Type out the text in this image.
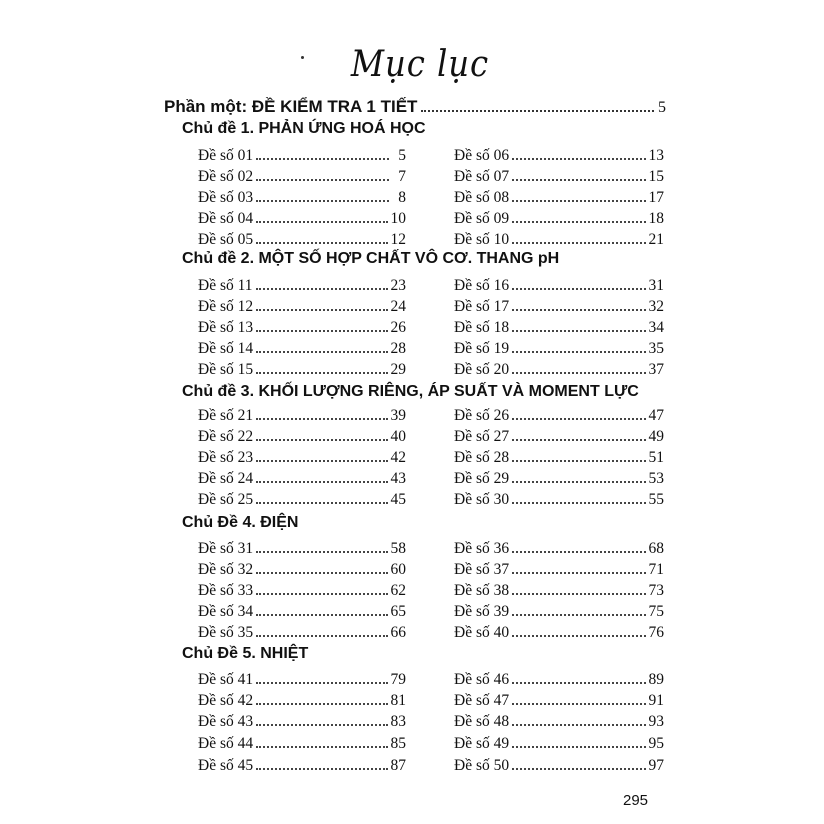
Mục lục
Phần một: ĐỀ KIỂM TRA 1 TIẾT	5
Chủ đề 1. PHẢN ỨNG HOÁ HỌC
Đề số 01	5
Đề số 02	7
Đề số 03	8
Đề số 04	10
Đề số 05	12
Đề số 06	13
Đề số 07	15
Đề số 08	17
Đề số 09	18
Đề số 10	21
Chủ đề 2. MỘT SỐ HỢP CHẤT VÔ CƠ. THANG pH
Đề số 11	23
Đề số 12	24
Đề số 13	26
Đề số 14	28
Đề số 15	29
Đề số 16	31
Đề số 17	32
Đề số 18	34
Đề số 19	35
Đề số 20	37
Chủ đề 3. KHỐI LƯỢNG RIÊNG, ÁP SUẤT VÀ MOMENT LỰC
Đề số 21	39
Đề số 22	40
Đề số 23	42
Đề số 24	43
Đề số 25	45
Đề số 26	47
Đề số 27	49
Đề số 28	51
Đề số 29	53
Đề số 30	55
Chủ Đề 4. ĐIỆN
Đề số 31	58
Đề số 32	60
Đề số 33	62
Đề số 34	65
Đề số 35	66
Đề số 36	68
Đề số 37	71
Đề số 38	73
Đề số 39	75
Đề số 40	76
Chủ Đề 5. NHIỆT
Đề số 41	79
Đề số 42	81
Đề số 43	83
Đề số 44	85
Đề số 45	87
Đề số 46	89
Đề số 47	91
Đề số 48	93
Đề số 49	95
Đề số 50	97
295
